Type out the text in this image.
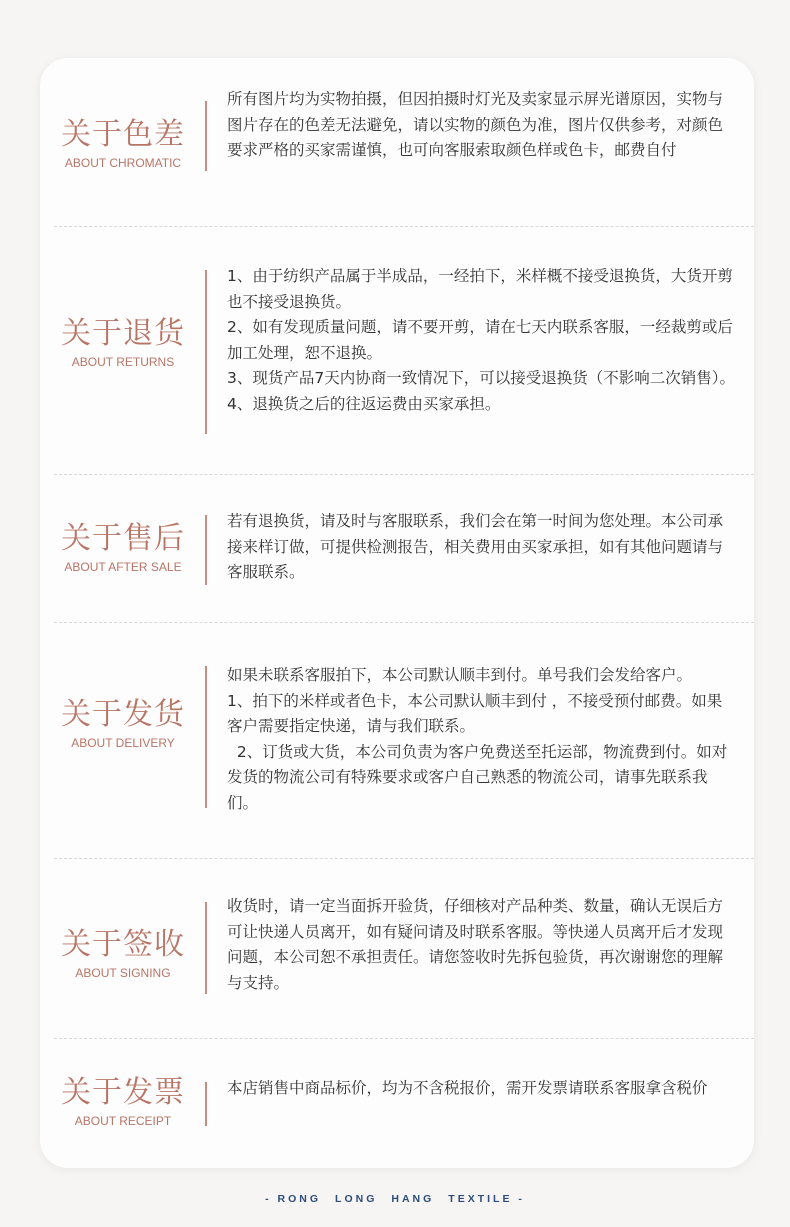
关于色差
ABOUT CHROMATIC

所有图片均为实物拍摄，但因拍摄时灯光及卖家显示屏光谱原因，实物与图片存在的色差无法避免，请以实物的颜色为准，图片仅供参考，对颜色要求严格的买家需谨慎，也可向客服索取颜色样或色卡，邮费自付

关于退货
ABOUT RETURNS

1、由于纺织产品属于半成品，一经拍下，米样概不接受退换货，大货开剪也不接受退换货。

2、如有发现质量问题，请不要开剪，请在七天内联系客服，一经裁剪或后加工处理，恕不退换。

3、现货产品7天内协商一致情况下，可以接受退换货（不影响二次销售）。

4、退换货之后的往返运费由买家承担。

关于售后
ABOUT AFTER SALE

若有退换货，请及时与客服联系，我们会在第一时间为您处理。本公司承接来样订做，可提供检测报告，相关费用由买家承担，如有其他问题请与客服联系。

关于发货
ABOUT DELIVERY

如果未联系客服拍下，本公司默认顺丰到付。单号我们会发给客户。

1、拍下的米样或者色卡，本公司默认顺丰到付 ，不接受预付邮费。如果客户需要指定快递，请与我们联系。

2、订货或大货，本公司负责为客户免费送至托运部，物流费到付。如对发货的物流公司有特殊要求或客户自己熟悉的物流公司，请事先联系我们。

关于签收
ABOUT SIGNING

收货时，请一定当面拆开验货，仔细核对产品种类、数量，确认无误后方可让快递人员离开，如有疑问请及时联系客服。等快递人员离开后才发现问题，本公司恕不承担责任。请您签收时先拆包验货，再次谢谢您的理解与支持。

关于发票
ABOUT RECEIPT

本店销售中商品标价，均为不含税报价，需开发票请联系客服拿含税价

- RONG LONG HANG TEXTILE -
